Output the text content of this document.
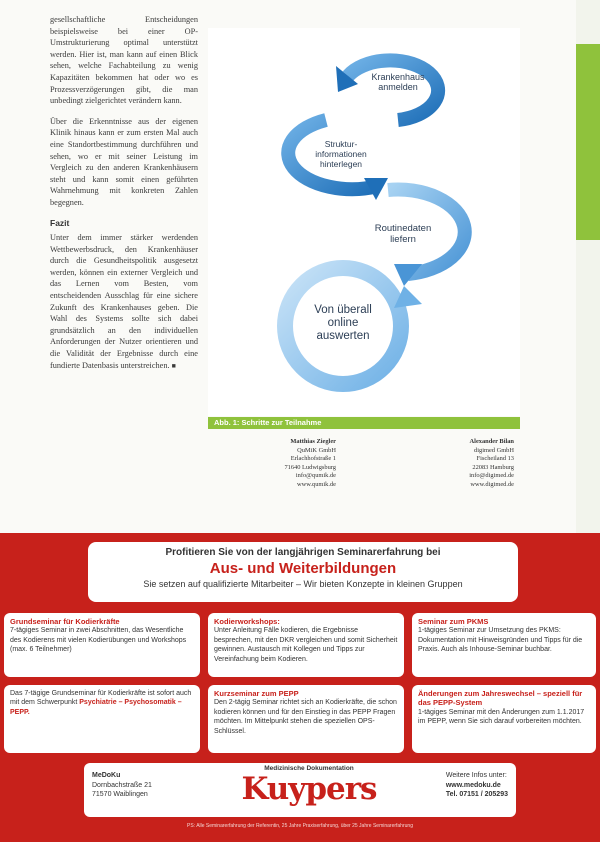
gesellschaftliche Entscheidungen beispielsweise bei einer OP-Umstrukturierung optimal unterstützt werden. Hier ist, man kann auf einen Blick sehen, welche Fachabteilung zu wenig Kapazitäten bekommen hat oder wo es Prozessverzögerungen gibt, die man unbedingt zielgerichtet verändern kann.

Über die Erkenntnisse aus der eigenen Klinik hinaus kann er zum ersten Mal auch eine Standortbestimmung durchführen und sehen, wo er mit seiner Leistung im Vergleich zu den anderen Krankenhäusern steht und kann somit einen geführten Wahrnehmung mit konkreten Zahlen begegnen.

Fazit

Unter dem immer stärker werdenden Wettbewerbsdruck, den Krankenhäuser durch die Gesundheitspolitik ausgesetzt werden, können ein externer Vergleich und das Lernen vom Besten, vom entscheidenden Ausschlag für eine sichere Zukunft des Krankenhauses geben. Die Wahl des Systems sollte sich dabei grundsätzlich an den individuellen Anforderungen der Nutzer orientieren und die Validität der Ergebnisse durch eine fundierte Datenbasis unterstreichen. ■

Krankenhaus
anmelden
Struktur-
informationen
hinterlegen
Routinedaten
liefern
Von überall
online
auswerten
Abb. 1: Schritte zur Teilnahme
Matthias Ziegler
QuMiK GmbH
Erlachhofstraße 1
71640 Ludwigsburg
info@qumik.de
www.qumik.de
Alexander Bilan
digimed GmbH
Fischeiland 13
22083 Hamburg
info@digimed.de
www.digimed.de
MEDIZINCONTROLLING
Profitieren Sie von der langjährigen Seminarerfahrung bei
Aus- und Weiterbildungen
Sie setzen auf qualifizierte Mitarbeiter – Wir bieten Konzepte in kleinen Gruppen
Grundseminar für Kodierkräfte
7-tägiges Seminar in zwei Abschnitten, das Wesentliche des Kodierens mit vielen Kodierübungen und Workshops (max. 6 Teilnehmer)
Kodierworkshops:
Unter Anleitung Fälle kodieren, die Ergebnisse besprechen, mit den DKR vergleichen und somit Sicherheit gewinnen. Austausch mit Kollegen und Tipps zur Vereinfachung beim Kodieren.
Seminar zum PKMS
1-tägiges Seminar zur Umsetzung des PKMS: Dokumentation mit Hinweisgründen und Tipps für die Praxis. Auch als Inhouse-Seminar buchbar.
Das 7-tägige Grundseminar für Kodierkräfte ist sofort auch mit dem Schwerpunkt Psychiatrie – Psychosomatik – PEPP.
Kurzseminar zum PEPP
Den 2-tägig Seminar richtet sich an Kodierkräfte, die schon kodieren können und für den Einstieg in das PEPP Fragen möchten. Im Mittelpunkt stehen die speziellen OPS-Schlüssel.
Änderungen zum Jahreswechsel – speziell für das PEPP-System
1-tägiges Seminar mit den Änderungen zum 1.1.2017 im PEPP, wenn Sie sich darauf vorbereiten möchten.
MeDoKu
Dornbachstraße 21
71570 Waiblingen
Medizinische Dokumentation
Kuypers	Weitere Infos unter:
www.medoku.de
Tel. 07151 / 205293
PS: Alle Seminarerfahrung der Referentin, 25 Jahre Praxiserfahrung, über 25 Jahre Seminarerfahrung
